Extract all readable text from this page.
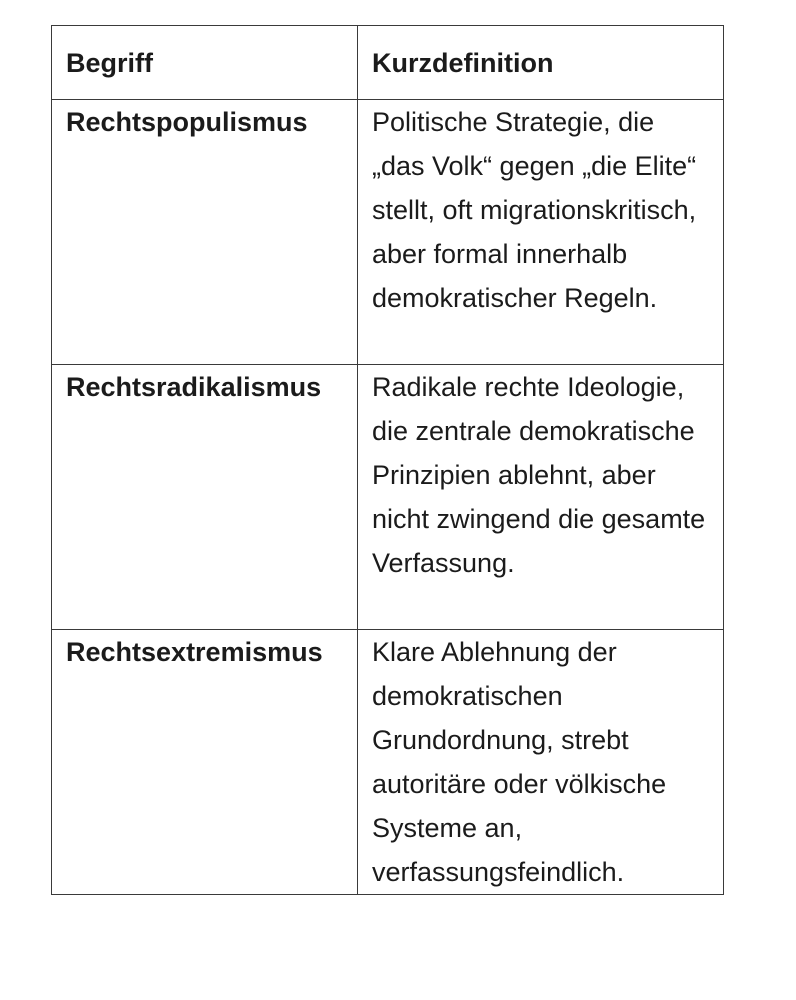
Begriff	Kurzdefinition
Rechtspopulismus	Politische Strategie, die „das Volk“ gegen „die Elite“ stellt, oft migrationskritisch, aber formal innerhalb demokratischer Regeln.
Rechtsradikalismus	Radikale rechte Ideologie, die zentrale demokratische Prinzipien ablehnt, aber nicht zwingend die gesamte Verfassung.
Rechtsextremismus	Klare Ablehnung der demokratischen Grundordnung, strebt autoritäre oder völkische Systeme an, verfassungsfeindlich.
